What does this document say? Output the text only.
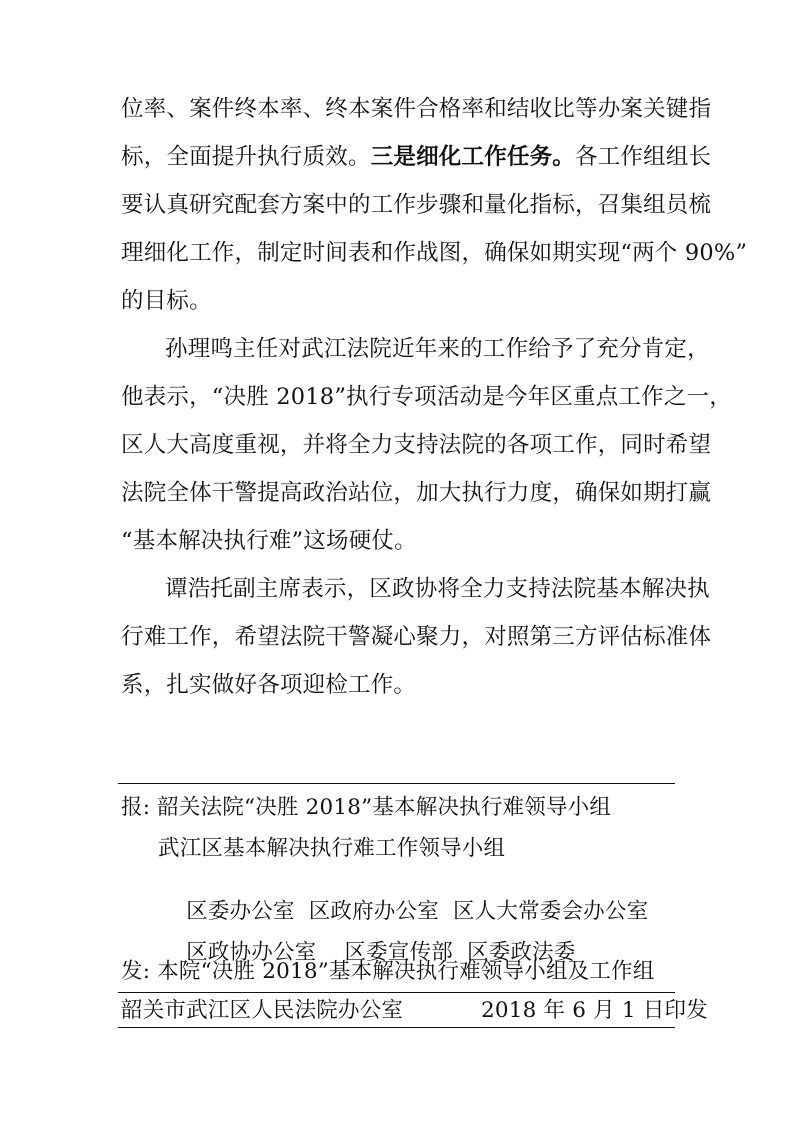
位率、案件终本率、终本案件合格率和结收比等办案关键指
标，全面提升执行质效。三是细化工作任务。各工作组组长
要认真研究配套方案中的工作步骤和量化指标，召集组员梳
理细化工作，制定时间表和作战图，确保如期实现“两个 90%”
的目标。
孙理鸣主任对武江法院近年来的工作给予了充分肯定，
他表示，“决胜 2018”执行专项活动是今年区重点工作之一，
区人大高度重视，并将全力支持法院的各项工作，同时希望
法院全体干警提高政治站位，加大执行力度，确保如期打赢
“基本解决执行难”这场硬仗。
谭浩托副主席表示，区政协将全力支持法院基本解决执
行难工作，希望法院干警凝心聚力，对照第三方评估标准体
系，扎实做好各项迎检工作。
报: 韶关法院“决胜 2018”基本解决执行难领导小组
武江区基本解决执行难工作领导小组

区委办公室  区政府办公室  区人大常委会办公室

区政协办公室    区委宣传部  区委政法委

发: 本院“决胜 2018”基本解决执行难领导小组及工作组
韶关市武江区人民法院办公室	2018 年 6 月 1 日印发
